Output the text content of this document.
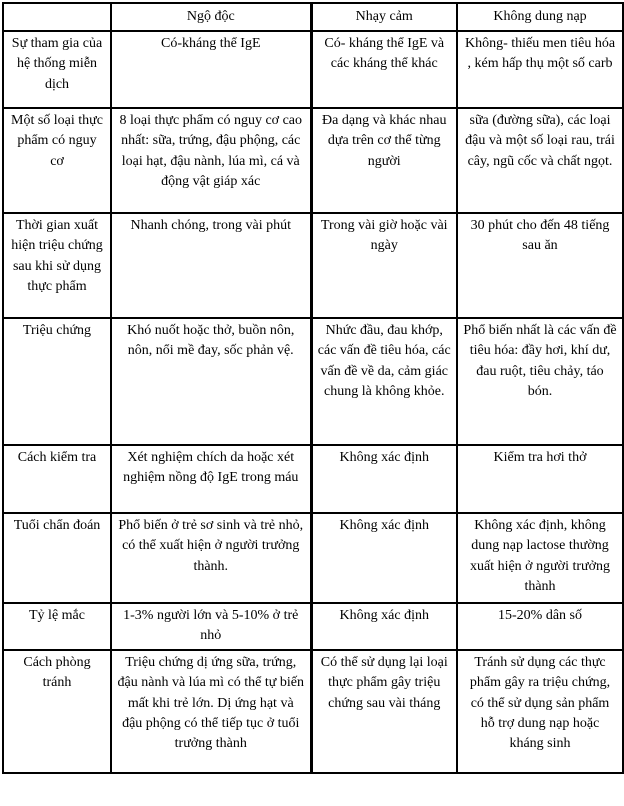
	Ngộ độc	Nhạy cảm	Không dung nạp
Sự tham gia của hệ thống miễn dịch	Có-kháng thể IgE	Có- kháng thể IgE và các kháng thể khác	Không- thiếu men tiêu hóa , kém hấp thụ một số carb
Một số loại thực phẩm có nguy cơ	8 loại thực phẩm có nguy cơ cao nhất: sữa, trứng, đậu phộng, các loại hạt, đậu nành, lúa mì, cá và động vật giáp xác	Đa dạng và khác nhau dựa trên cơ thể từng người	sữa (đường sữa), các loại đậu và một số loại rau, trái cây, ngũ cốc và chất ngọt.
Thời gian xuất hiện triệu chứng sau khi sử dụng thực phẩm	Nhanh chóng, trong vài phút	Trong vài giờ hoặc vài ngày	30 phút cho đến 48 tiếng sau ăn
Triệu chứng	Khó nuốt hoặc thở, buồn nôn, nôn, nổi mề đay, sốc phản vệ.	Nhức đầu, đau khớp, các vấn đề tiêu hóa, các vấn đề về da, cảm giác chung là không khỏe.	Phổ biến nhất là các vấn đề tiêu hóa: đầy hơi, khí dư, đau ruột, tiêu chảy, táo bón.
Cách kiểm tra	Xét nghiệm chích da hoặc xét nghiệm nồng độ IgE trong máu	Không xác định	Kiểm tra hơi thở
Tuổi chẩn đoán	Phổ biến ở trẻ sơ sinh và trẻ nhỏ, có thể xuất hiện ở người trưởng thành.	Không xác định	Không xác định, không dung nạp lactose thường xuất hiện ở người trưởng thành
Tỷ lệ mắc	1-3% người lớn và 5-10% ở trẻ nhỏ	Không xác định	15-20% dân số
Cách phòng tránh	Triệu chứng dị ứng sữa, trứng, đậu nành và lúa mì có thể tự biến mất khi trẻ lớn. Dị ứng hạt và đậu phộng có thể tiếp tục ở tuổi trưởng thành	Có thể sử dụng lại loại thực phẩm gây triệu chứng sau vài tháng	Tránh sử dụng các thực phẩm gây ra triệu chứng, có thể sử dụng sản phẩm hỗ trợ dung nạp hoặc kháng sinh
